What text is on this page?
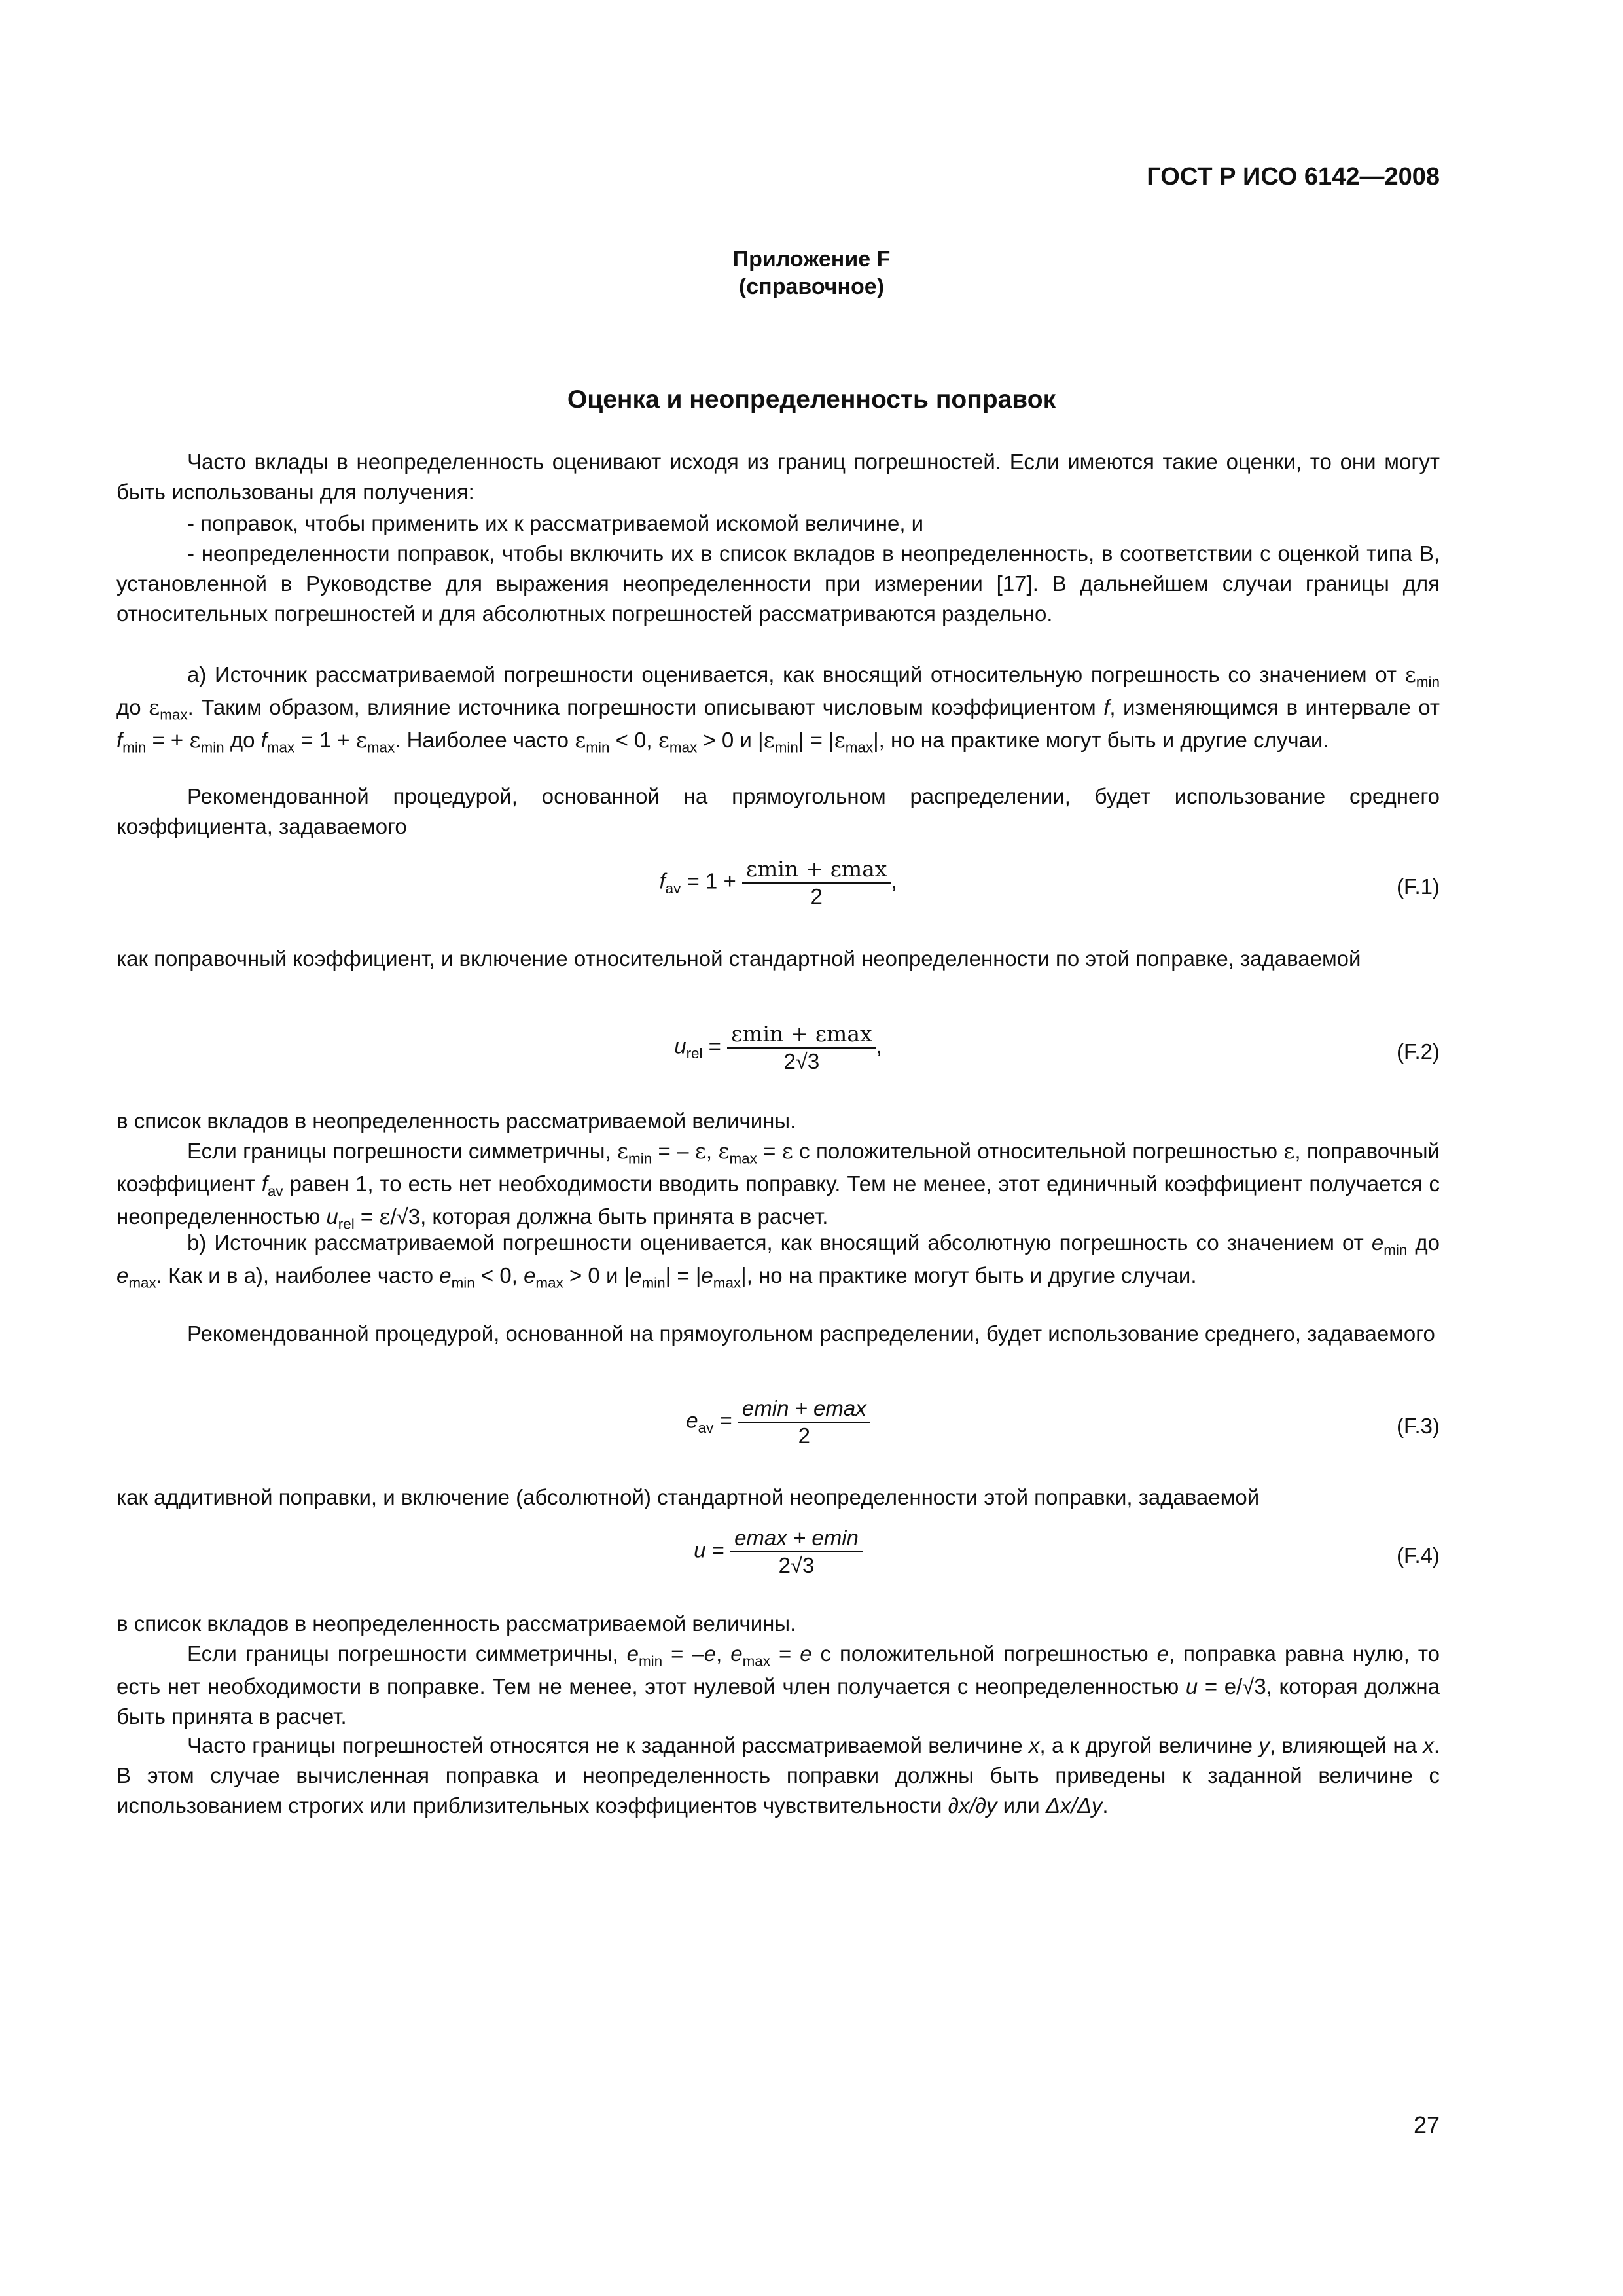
ГОСТ Р ИСО 6142—2008
Приложение F
(справочное)
Оценка и неопределенность поправок

Часто вклады в неопределенность оценивают исходя из границ погрешностей. Если имеются такие оценки, то они могут быть использованы для получения:

- поправок, чтобы применить их к рассматриваемой искомой величине, и

- неопределенности поправок, чтобы включить их в список вкладов в неопределенность, в соответствии с оценкой типа В, установленной в Руководстве для выражения неопределенности при измерении [17]. В дальнейшем случаи границы для относительных погрешностей и для абсолютных погрешностей рассматриваются раздельно.

а) Источник рассматриваемой погрешности оценивается, как вносящий относительную погрешность со значением от $\varepsilon_{min}$ до $\varepsilon_{max}$. Таким образом, влияние источника погрешности описывают числовым коэффициентом f, изменяющимся в интервале от $f_{min}$ = + $\varepsilon_{min}$ до $f_{max} = 1 + \varepsilon_{max}$. Наиболее часто $\varepsilon_{min} < 0$, $\varepsilon_{max} > 0$ и $|\varepsilon_{min}| = |\varepsilon_{max}|$, но на практике могут быть и другие случаи.

Рекомендованной процедурой, основанной на прямоугольном распределении, будет использование среднего коэффициента, задаваемого

$f_{av} = 1 + \frac{\varepsilon\min + \varepsilon\max}{2}$ ,	(F.1)

как поправочный коэффициент, и включение относительной стандартной неопределенности по этой поправке, задаваемой

$u_{rel} = \frac{\varepsilon\min + \varepsilon\max}{2√3}$ ,	(F.2)

в список вкладов в неопределенность рассматриваемой величины.

Если границы погрешности симметричны, $\varepsilon_{min}$ = – ε, $\varepsilon_{max} = \varepsilon$ с положительной относительной погрешностью ε, поправочный коэффициент $f_{av}$ равен 1, то есть нет необходимости вводить поправку. Тем не менее, этот единичный коэффициент получается с неопределенностью $u_{rel} = \varepsilon/√3$, которая должна быть принята в расчет.

b) Источник рассматриваемой погрешности оценивается, как вносящий абсолютную погрешность со значением от $e_{min}$ до $e_{max}$. Как и в а), наиболее часто $e_{min} < 0$, $e_{max} > 0$ и $|e_{min}| = |e_{max}|$, но на практике могут быть и другие случаи.

Рекомендованной процедурой, основанной на прямоугольном распределении, будет использование среднего, задаваемого

$e_{av} = \frac{emin + emax}{2}$	(F.3)

как аддитивной поправки, и включение (абсолютной) стандартной неопределенности этой поправки, задаваемой

$u = \frac{emax + emin}{2√3}$	(F.4)

в список вкладов в неопределенность рассматриваемой величины.

Если границы погрешности симметричны, $e_{min} = -e$, $e_{max} = e$ с положительной погрешностью e, поправка равна нулю, то есть нет необходимости в поправке. Тем не менее, этот нулевой член получается с неопределенностью u = e/√3, которая должна быть принята в расчет.

Часто границы погрешностей относятся не к заданной рассматриваемой величине x, а к другой величине y, влияющей на x. В этом случае вычисленная поправка и неопределенность поправки должны быть приведены к заданной величине с использованием строгих или приблизительных коэффициентов чувствительности ∂x/∂y или Δx/Δy.

27
